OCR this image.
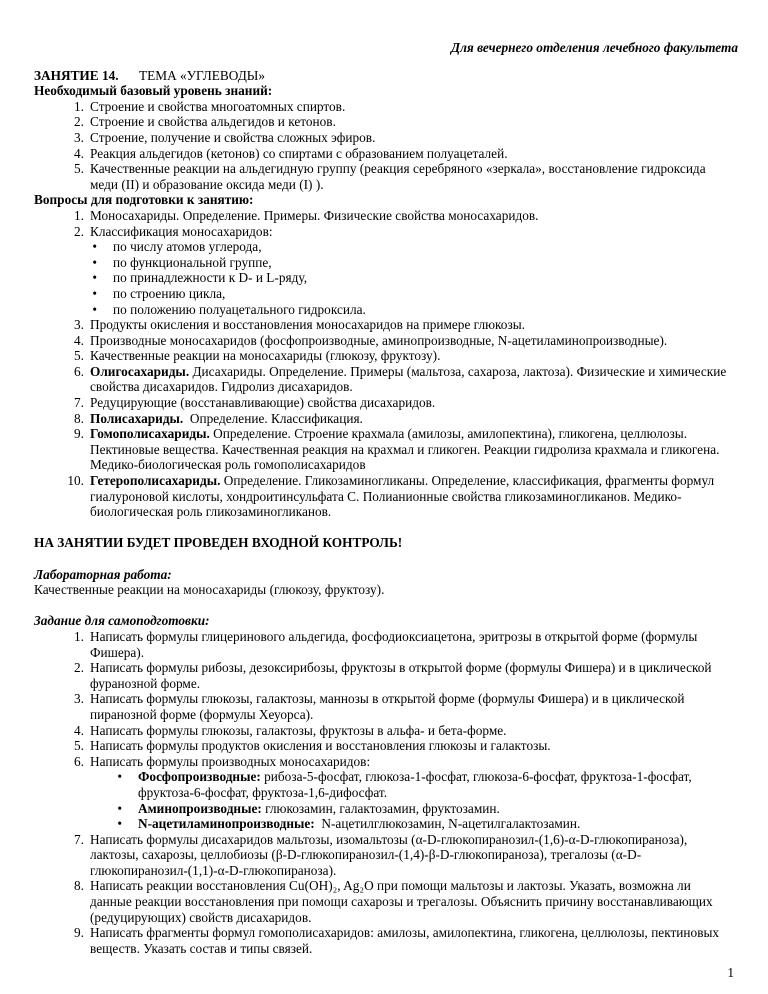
Для вечернего отделения лечебного факультета
ЗАНЯТИЕ 14.	ТЕМА «УГЛЕВОДЫ»
Необходимый базовый уровень знаний:
1. Строение и свойства многоатомных спиртов.
2. Строение и свойства альдегидов и кетонов.
3. Строение, получение и свойства сложных эфиров.
4. Реакция альдегидов (кетонов) со спиртами с образованием полуацеталей.
5. Качественные реакции на альдегидную группу (реакция серебряного «зеркала», восстановление гидроксида меди (II) и образование оксида меди (I) ).
Вопросы для подготовки к занятию:
1. Моносахариды. Определение. Примеры. Физические свойства моносахаридов.
2. Классификация моносахаридов:
•	по числу атомов углерода,
•	по функциональной группе,
•	по принадлежности к D- и L-ряду,
•	по строению цикла,
•	по положению полуацетального гидроксила.
3. Продукты окисления и восстановления моносахаридов на примере глюкозы.
4. Производные моносахаридов (фосфопроизводные, аминопроизводные, N-ацетиламинопроизводные).
5. Качественные реакции на моносахариды (глюкозу, фруктозу).
6. Олигосахариды. Дисахариды. Определение. Примеры (мальтоза, сахароза, лактоза). Физические и химические свойства дисахаридов. Гидролиз дисахаридов.
7. Редуцирующие (восстанавливающие) свойства дисахаридов.
8. Полисахариды.  Определение. Классификация.
9. Гомополисахариды. Определение. Строение крахмала (амилозы, амилопектина), гликогена, целлюлозы. Пектиновые вещества. Качественная реакция на крахмал и гликоген. Реакции гидролиза крахмала и гликогена. Медико-биологическая роль гомополисахаридов
10. Гетерополисахариды. Определение. Гликозаминогликаны. Определение, классификация, фрагменты формул гиалуроновой кислоты, хондроитинсульфата С. Полианионные свойства гликозаминогликанов. Медико-биологическая роль гликозаминогликанов.
НА ЗАНЯТИИ БУДЕТ ПРОВЕДЕН ВХОДНОЙ КОНТРОЛЬ!
Лабораторная работа:
Качественные реакции на моносахариды (глюкозу, фруктозу).
Задание для самоподготовки:
1. Написать формулы глицеринового альдегида, фосфодиоксиацетона, эритрозы в открытой форме (формулы Фишера).
2. Написать формулы рибозы, дезоксирибозы, фруктозы в открытой форме (формулы Фишера) и в циклической фуранозной форме.
3. Написать формулы глюкозы, галактозы, маннозы в открытой форме (формулы Фишера) и в циклической пиранозной форме (формулы Хеуорса).
4. Написать формулы глюкозы, галактозы, фруктозы в альфа- и бета-форме.
5. Написать формулы продуктов окисления и восстановления глюкозы и галактозы.
6. Написать формулы производных моносахаридов:
•	Фосфопроизводные: рибоза-5-фосфат, глюкоза-1-фосфат, глюкоза-6-фосфат, фруктоза-1-фосфат, фруктоза-6-фосфат, фруктоза-1,6-дифосфат.
•	Аминопроизводные: глюкозамин, галактозамин, фруктозамин.
•	N-ацетиламинопроизводные:  N-ацетилглюкозамин, N-ацетилгалактозамин.
7. Написать формулы дисахаридов мальтозы, изомальтозы (α-D-глюкопиранозил-(1,6)-α-D-глюкопираноза), лактозы, сахарозы, целлобиозы (β-D-глюкопиранозил-(1,4)-β-D-глюкопираноза), трегалозы (α-D-глюкопиранозил-(1,1)-α-D-глюкопираноза).
8. Написать реакции восстановления Cu(OH)₂, Ag₂O при помощи мальтозы и лактозы. Указать, возможна ли данные реакции восстановления при помощи сахарозы и трегалозы. Объяснить причину восстанавливающих (редуцирующих) свойств дисахаридов.
9. Написать фрагменты формул гомополисахаридов: амилозы, амилопектина, гликогена, целлюлозы, пектиновых веществ. Указать состав и типы связей.
1
